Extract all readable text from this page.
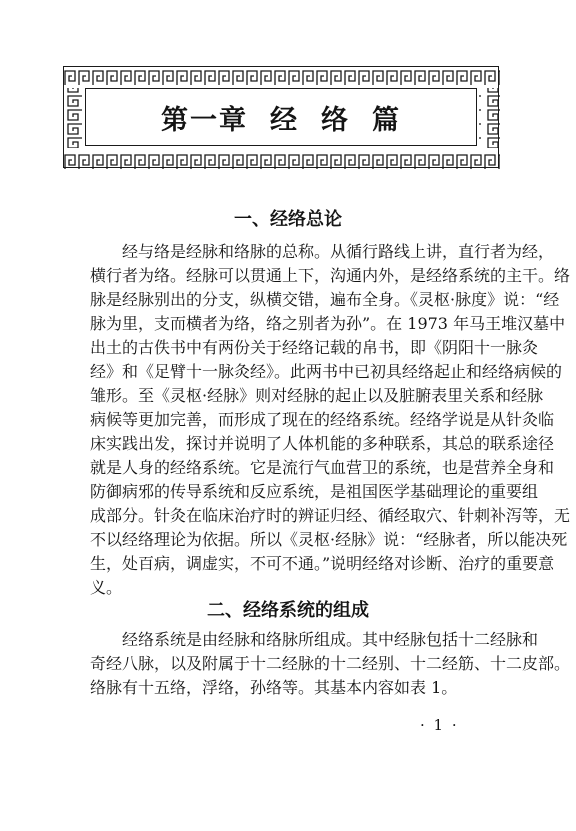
第一章 经 络 篇
一、经络总论
经与络是经脉和络脉的总称。从循行路线上讲，直行者为经，
横行者为络。经脉可以贯通上下，沟通内外，是经络系统的主干。络
脉是经脉别出的分支，纵横交错，遍布全身。《灵枢·脉度》说：“经
脉为里，支而横者为络，络之别者为孙”。在 1973 年马王堆汉墓中
出土的古佚书中有两份关于经络记载的帛书，即《阴阳十一脉灸
经》和《足臂十一脉灸经》。此两书中已初具经络起止和经络病候的
雏形。至《灵枢·经脉》则对经脉的起止以及脏腑表里关系和经脉
病候等更加完善，而形成了现在的经络系统。经络学说是从针灸临
床实践出发，探讨并说明了人体机能的多种联系，其总的联系途径
就是人身的经络系统。它是流行气血营卫的系统，也是营养全身和
防御病邪的传导系统和反应系统，是祖国医学基础理论的重要组
成部分。针灸在临床治疗时的辨证归经、循经取穴、针刺补泻等，无
不以经络理论为依据。所以《灵枢·经脉》说：“经脉者，所以能决死
生，处百病，调虚实，不可不通。”说明经络对诊断、治疗的重要意
义。
二、经络系统的组成
经络系统是由经脉和络脉所组成。其中经脉包括十二经脉和
奇经八脉，以及附属于十二经脉的十二经别、十二经筋、十二皮部。
络脉有十五络，浮络，孙络等。其基本内容如表 1。
· 1 ·
